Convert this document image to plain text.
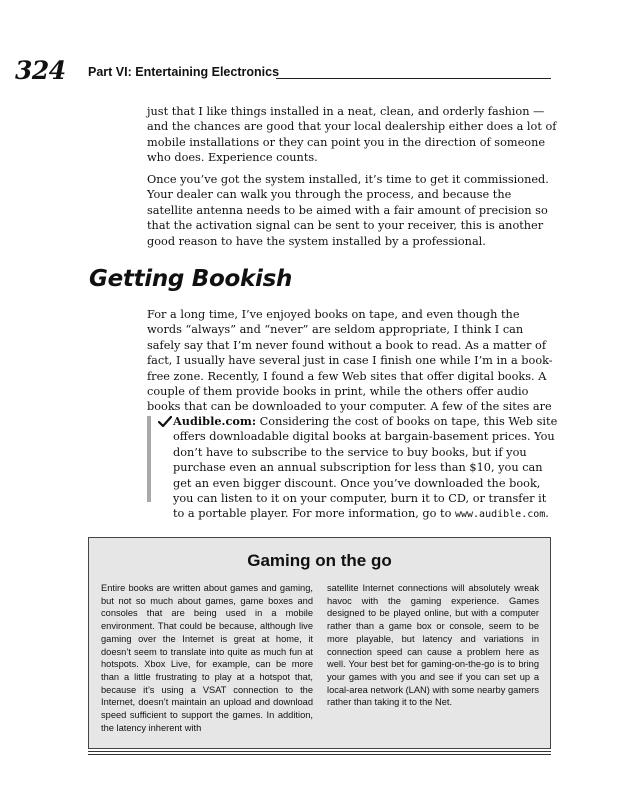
324 Part VI: Entertaining Electronics

just that I like things installed in a neat, clean, and orderly fashion — and the chances are good that your local dealership either does a lot of mobile installations or they can point you in the direction of someone who does. Experience counts.

Once you’ve got the system installed, it’s time to get it commissioned. Your dealer can walk you through the process, and because the satellite antenna needs to be aimed with a fair amount of precision so that the activation signal can be sent to your receiver, this is another good reason to have the system installed by a professional.

Getting Bookish

For a long time, I’ve enjoyed books on tape, and even though the words “always” and “never” are seldom appropriate, I think I can safely say that I’m never found without a book to read. As a matter of fact, I usually have several just in case I finish one while I’m in a book-free zone. Recently, I found a few Web sites that offer digital books. A couple of them provide books in print, while the others offer audio books that can be downloaded to your computer. A few of the sites are

Audible.com: Considering the cost of books on tape, this Web site offers downloadable digital books at bargain-basement prices. You don’t have to subscribe to the service to buy books, but if you purchase even an annual subscription for less than $10, you can get an even bigger discount. Once you’ve downloaded the book, you can listen to it on your computer, burn it to CD, or transfer it to a portable player. For more information, go to www.audible.com.
Gaming on the go

Entire books are written about games and gaming, but not so much about games, game boxes and consoles that are being used in a mobile environment. That could be because, although live gaming over the Internet is great at home, it doesn’t seem to translate into quite as much fun at hotspots. Xbox Live, for example, can be more than a little frustrating to play at a hotspot that, because it’s using a VSAT connection to the Internet, doesn’t maintain an upload and download speed sufficient to support the games. In addition, the latency inherent with

satellite Internet connections will absolutely wreak havoc with the gaming experience. Games designed to be played online, but with a computer rather than a game box or console, seem to be more playable, but latency and variations in connection speed can cause a problem here as well. Your best bet for gaming-on-the-go is to bring your games with you and see if you can set up a local-area network (LAN) with some nearby gamers rather than taking it to the Net.
